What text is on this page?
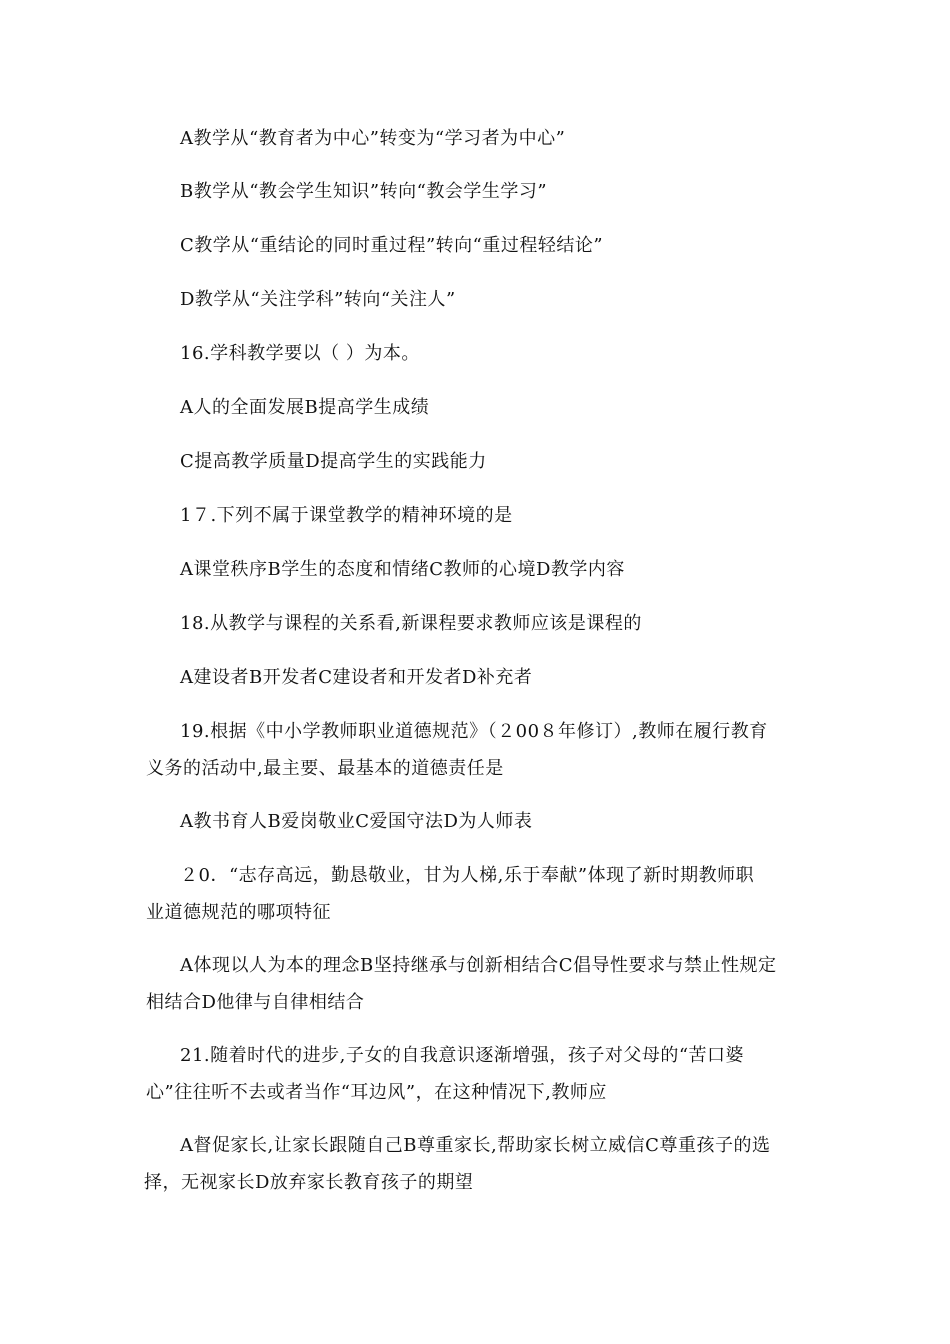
A教学从“教育者为中心”转变为“学习者为中心”
B教学从“教会学生知识”转向“教会学生学习”
C教学从“重结论的同时重过程”转向“重过程轻结论”
D教学从“关注学科”转向“关注人”
16.学科教学要以（ ）为本。
A人的全面发展B提高学生成绩
C提高教学质量D提高学生的实践能力
1７.下列不属于课堂教学的精神环境的是
A课堂秩序B学生的态度和情绪C教师的心境D教学内容
18.从教学与课程的关系看,新课程要求教师应该是课程的
A建设者B开发者C建设者和开发者D补充者
19.根据《中小学教师职业道德规范》（２00８年修订）,教师在履行教育
义务的活动中,最主要、最基本的道德责任是
A教书育人B爱岗敬业C爱国守法D为人师表
２0．“志存高远，勤恳敬业，甘为人梯,乐于奉献”体现了新时期教师职
业道德规范的哪项特征
A体现以人为本的理念B坚持继承与创新相结合C倡导性要求与禁止性规定
相结合D他律与自律相结合
21.随着时代的进步,子女的自我意识逐渐增强，孩子对父母的“苦口婆
心”往往听不去或者当作“耳边风”，在这种情况下,教师应
A督促家长,让家长跟随自己B尊重家长,帮助家长树立威信C尊重孩子的选
择，无视家长D放弃家长教育孩子的期望
